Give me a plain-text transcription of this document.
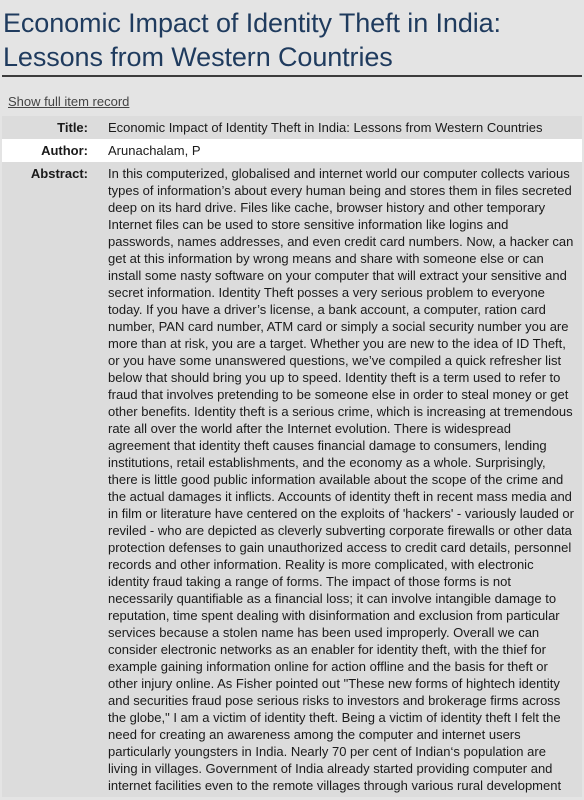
Economic Impact of Identity Theft in India: Lessons from Western Countries
Show full item record
Title:	Economic Impact of Identity Theft in India: Lessons from Western Countries
Author:	Arunachalam, P
Abstract:	In this computerized, globalised and internet world our computer collects various types of information’s about every human being and stores them in files secreted deep on its hard drive. Files like cache, browser history and other temporary Internet files can be used to store sensitive information like logins and passwords, names addresses, and even credit card numbers. Now, a hacker can get at this information by wrong means and share with someone else or can install some nasty software on your computer that will extract your sensitive and secret information. Identity Theft posses a very serious problem to everyone today. If you have a driver’s license, a bank account, a computer, ration card number, PAN card number, ATM card or simply a social security number you are more than at risk, you are a target. Whether you are new to the idea of ID Theft, or you have some unanswered questions, we’ve compiled a quick refresher list below that should bring you up to speed. Identity theft is a term used to refer to fraud that involves pretending to be someone else in order to steal money or get other benefits. Identity theft is a serious crime, which is increasing at tremendous rate all over the world after the Internet evolution. There is widespread agreement that identity theft causes financial damage to consumers, lending institutions, retail establishments, and the economy as a whole. Surprisingly, there is little good public information available about the scope of the crime and the actual damages it inflicts. Accounts of identity theft in recent mass media and in film or literature have centered on the exploits of 'hackers' - variously lauded or reviled - who are depicted as cleverly subverting corporate firewalls or other data protection defenses to gain unauthorized access to credit card details, personnel records and other information. Reality is more complicated, with electronic identity fraud taking a range of forms. The impact of those forms is not necessarily quantifiable as a financial loss; it can involve intangible damage to reputation, time spent dealing with disinformation and exclusion from particular services because a stolen name has been used improperly. Overall we can consider electronic networks as an enabler for identity theft, with the thief for example gaining information online for action offline and the basis for theft or other injury online. As Fisher pointed out "These new forms of hightech identity and securities fraud pose serious risks to investors and brokerage firms across the globe," I am a victim of identity theft. Being a victim of identity theft I felt the need for creating an awareness among the computer and internet users particularly youngsters in India. Nearly 70 per cent of Indian‘s population are living in villages. Government of India already started providing computer and internet facilities even to the remote villages through various rural development
